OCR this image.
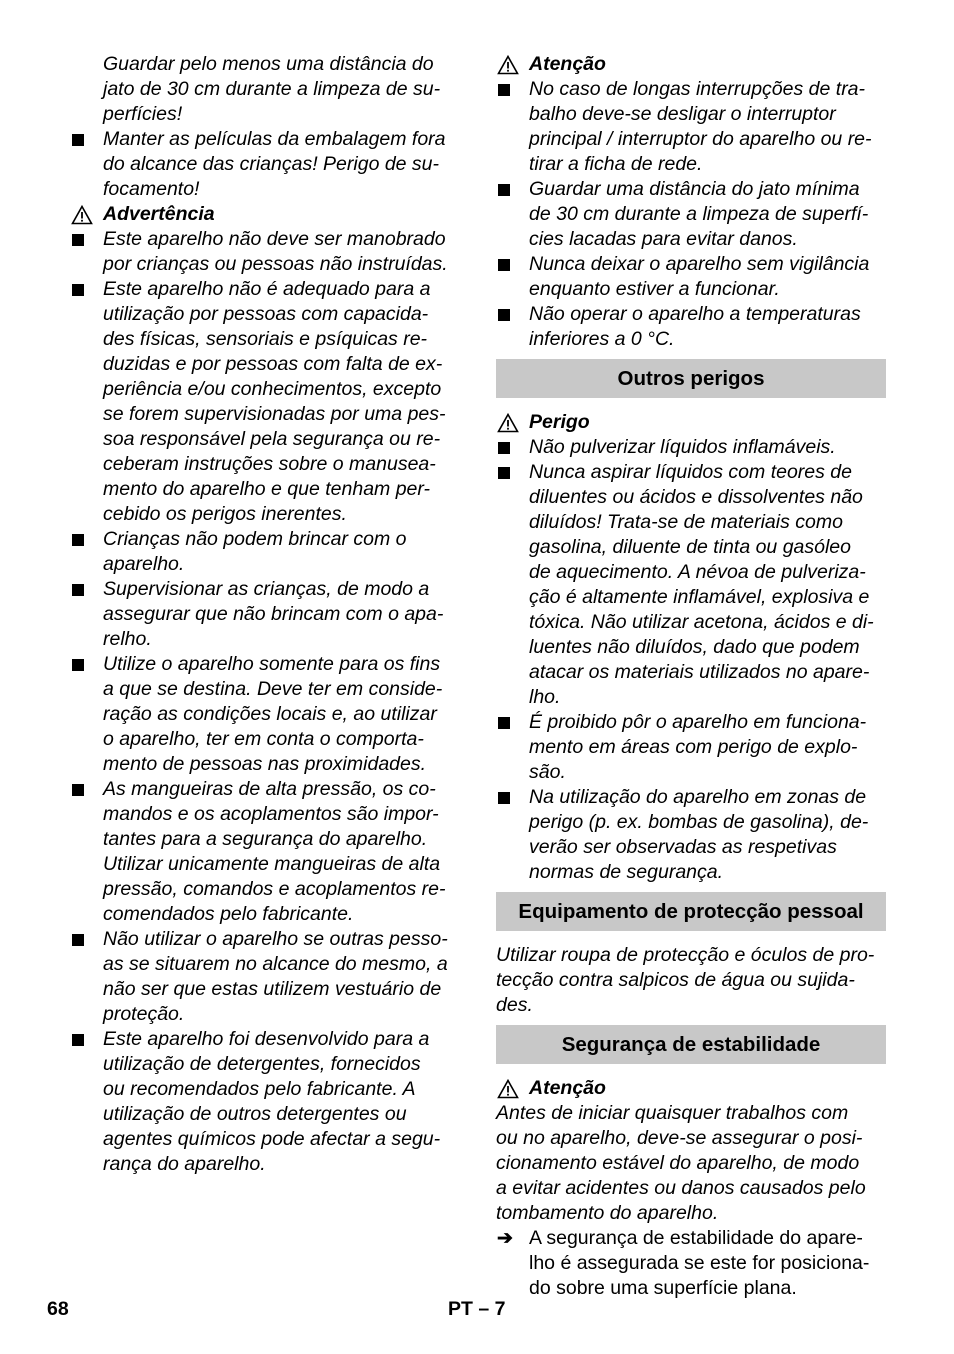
Guardar pelo menos uma distância do
jato de 30 cm durante a limpeza de su-
perfícies!
Manter as películas da embalagem fora
do alcance das crianças! Perigo de su-
focamento!
Advertência
Este aparelho não deve ser manobrado
por crianças ou pessoas não instruídas.
Este aparelho não é adequado para a
utilização por pessoas com capacida-
des físicas, sensoriais e psíquicas re-
duzidas e por pessoas com falta de ex-
periência e/ou conhecimentos, excepto
se forem supervisionadas por uma pes-
soa responsável pela segurança ou re-
ceberam instruções sobre o manusea-
mento do aparelho e que tenham per-
cebido os perigos inerentes.
Crianças não podem brincar com o
aparelho.
Supervisionar as crianças, de modo a
assegurar que não brincam com o apa-
relho.
Utilize o aparelho somente para os fins
a que se destina. Deve ter em conside-
ração as condições locais e, ao utilizar
o aparelho, ter em conta o comporta-
mento de pessoas nas proximidades.
As mangueiras de alta pressão, os co-
mandos e os acoplamentos são impor-
tantes para a segurança do aparelho.
Utilizar unicamente mangueiras de alta
pressão, comandos e acoplamentos re-
comendados pelo fabricante.
Não utilizar o aparelho se outras pesso-
as se situarem no alcance do mesmo, a
não ser que estas utilizem vestuário de
proteção.
Este aparelho foi desenvolvido para a
utilização de detergentes, fornecidos
ou recomendados pelo fabricante. A
utilização de outros detergentes ou
agentes químicos pode afectar a segu-
rança do aparelho.
Atenção
No caso de longas interrupções de tra-
balho deve-se desligar o interruptor
principal / interruptor do aparelho ou re-
tirar a ficha de rede.
Guardar uma distância do jato mínima
de 30 cm durante a limpeza de superfí-
cies lacadas para evitar danos.
Nunca deixar o aparelho sem vigilância
enquanto estiver a funcionar.
Não operar o aparelho a temperaturas
inferiores a 0 °C.
Outros perigos
Perigo
Não pulverizar líquidos inflamáveis.
Nunca aspirar líquidos com teores de
diluentes ou ácidos e dissolventes não
diluídos! Trata-se de materiais como
gasolina, diluente de tinta ou gasóleo
de aquecimento. A névoa de pulveriza-
ção é altamente inflamável, explosiva e
tóxica. Não utilizar acetona, ácidos e di-
luentes não diluídos, dado que podem
atacar os materiais utilizados no apare-
lho.
É proibido pôr o aparelho em funciona-
mento em áreas com perigo de explo-
são.
Na utilização do aparelho em zonas de
perigo (p. ex. bombas de gasolina), de-
verão ser observadas as respetivas
normas de segurança.
Equipamento de protecção pessoal
Utilizar roupa de protecção e óculos de pro-
tecção contra salpicos de água ou sujida-
des.
Segurança de estabilidade
Atenção
Antes de iniciar quaisquer trabalhos com
ou no aparelho, deve-se assegurar o posi-
cionamento estável do aparelho, de modo
a evitar acidentes ou danos causados pelo
tombamento do aparelho.
➔ A segurança de estabilidade do apare-
lho é assegurada se este for posiciona-
do sobre uma superfície plana.
68	PT – 7
